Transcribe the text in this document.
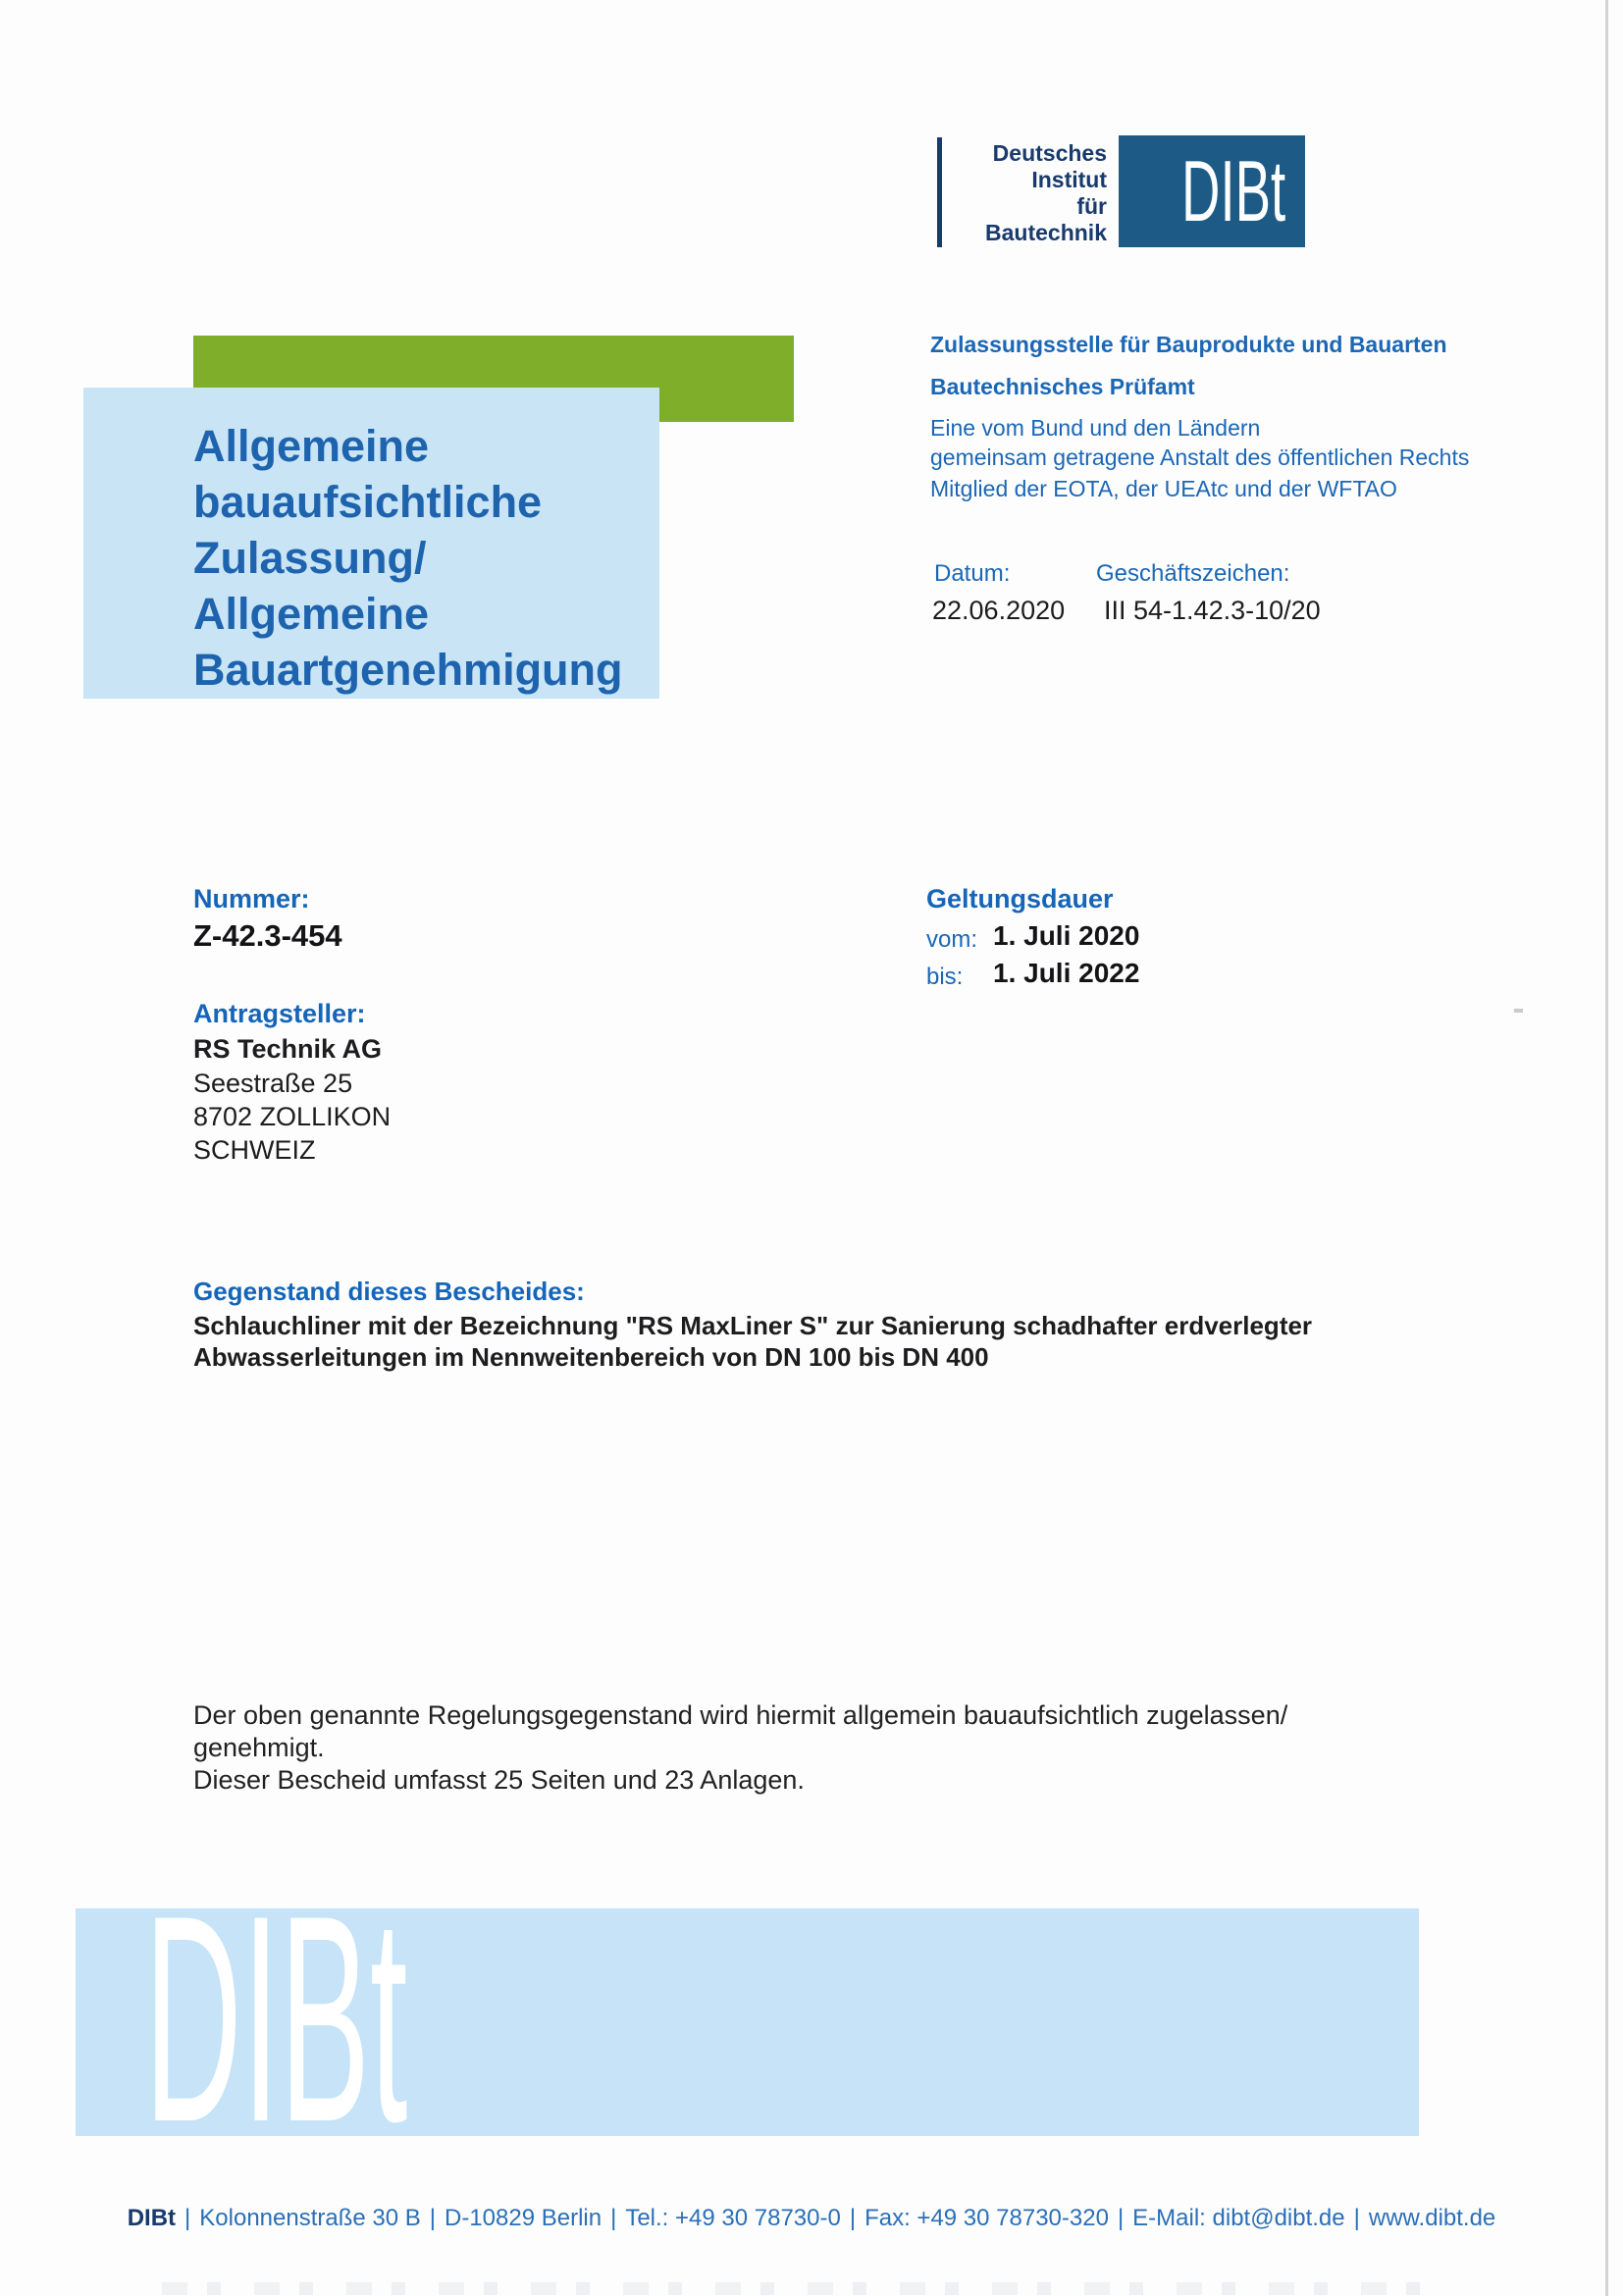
Deutsches
Institut
für
Bautechnik DIBt
Zulassungsstelle für Bauprodukte und Bauarten
Bautechnisches Prüfamt
Eine vom Bund und den Ländern
gemeinsam getragene Anstalt des öffentlichen Rechts
Mitglied der EOTA, der UEAtc und der WFTAO
Datum:
22.06.2020
Geschäftszeichen:
III 54-1.42.3-10/20
Allgemeine
bauaufsichtliche
Zulassung/
Allgemeine
Bauartgenehmigung
Nummer:
Z-42.3-454
Geltungsdauer
vom: 1. Juli 2020
bis: 1. Juli 2022
Antragsteller:
RS Technik AG
Seestraße 25
8702 ZOLLIKON
SCHWEIZ
Gegenstand dieses Bescheides:
Schlauchliner mit der Bezeichnung "RS MaxLiner S" zur Sanierung schadhafter erdverlegter
Abwasserleitungen im Nennweitenbereich von DN 100 bis DN 400
Der oben genannte Regelungsgegenstand wird hiermit allgemein bauaufsichtlich zugelassen/
genehmigt.
Dieser Bescheid umfasst 25 Seiten und 23 Anlagen.
DIBt
DIBt | Kolonnenstraße 30 B | D-10829 Berlin | Tel.: +49 30 78730-0 | Fax: +49 30 78730-320 | E-Mail: dibt@dibt.de | www.dibt.de
